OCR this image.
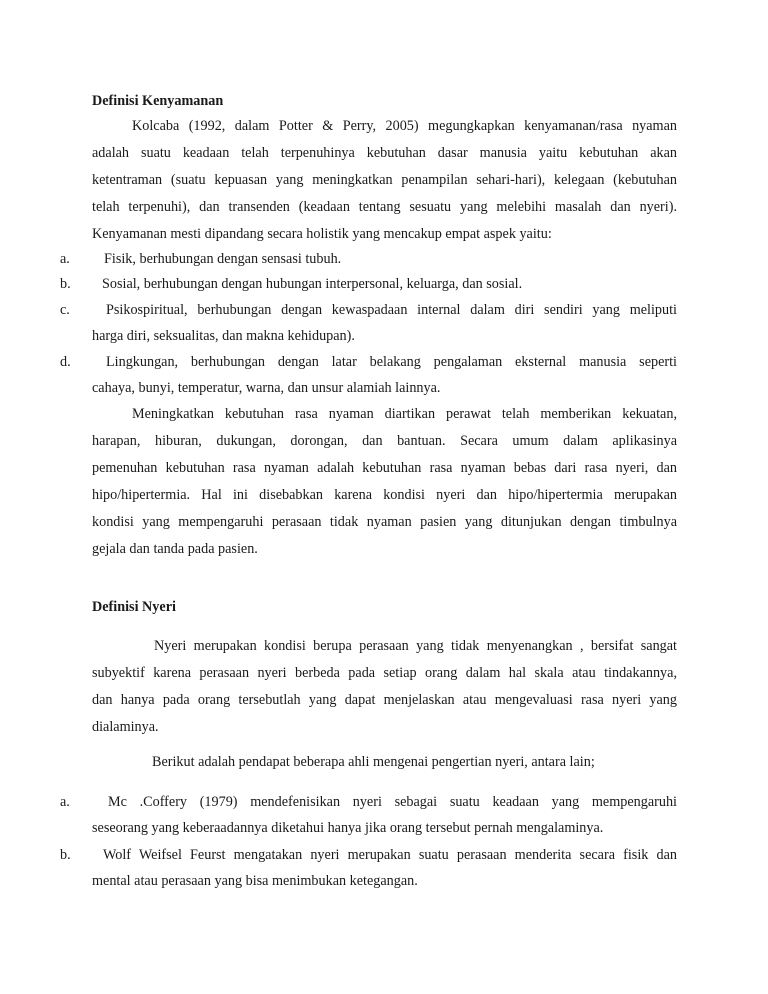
Definisi Kenyamanan
Kolcaba (1992, dalam Potter & Perry, 2005) megungkapkan kenyamanan/rasa nyaman
adalah suatu keadaan telah terpenuhinya kebutuhan dasar manusia yaitu kebutuhan akan
ketentraman (suatu kepuasan yang meningkatkan penampilan sehari-hari), kelegaan (kebutuhan
telah terpenuhi), dan transenden (keadaan tentang sesuatu yang melebihi masalah dan nyeri).
Kenyamanan mesti dipandang secara holistik yang mencakup empat aspek yaitu:
a. Fisik, berhubungan dengan sensasi tubuh.
b. Sosial, berhubungan dengan hubungan interpersonal, keluarga, dan sosial.
c.	Psikospiritual, berhubungan dengan kewaspadaan internal dalam diri sendiri yang meliputi
harga diri, seksualitas, dan makna kehidupan).
d. Lingkungan, berhubungan dengan latar belakang pengalaman eksternal manusia seperti
cahaya, bunyi, temperatur, warna, dan unsur alamiah lainnya.
Meningkatkan kebutuhan rasa nyaman diartikan perawat telah memberikan kekuatan,
harapan, hiburan, dukungan, dorongan, dan bantuan. Secara umum dalam aplikasinya
pemenuhan kebutuhan rasa nyaman adalah kebutuhan rasa nyaman bebas dari rasa nyeri, dan
hipo/hipertermia. Hal ini disebabkan karena kondisi nyeri dan hipo/hipertermia merupakan
kondisi yang mempengaruhi perasaan tidak nyaman pasien yang ditunjukan dengan timbulnya
gejala dan tanda pada pasien.
Definisi Nyeri
Nyeri merupakan kondisi berupa perasaan yang tidak menyenangkan , bersifat sangat
subyektif karena perasaan nyeri berbeda pada setiap orang dalam hal skala atau tindakannya,
dan hanya pada orang tersebutlah yang dapat menjelaskan atau mengevaluasi rasa nyeri yang
dialaminya.
Berikut adalah pendapat beberapa ahli mengenai pengertian nyeri, antara lain;
a.	Mc .Coffery (1979) mendefenisikan nyeri sebagai suatu keadaan yang mempengaruhi
seseorang yang keberaadannya diketahui hanya jika orang tersebut pernah mengalaminya.
b. Wolf Weifsel Feurst mengatakan nyeri merupakan suatu perasaan menderita secara fisik dan
mental atau perasaan yang bisa menimbukan ketegangan.
